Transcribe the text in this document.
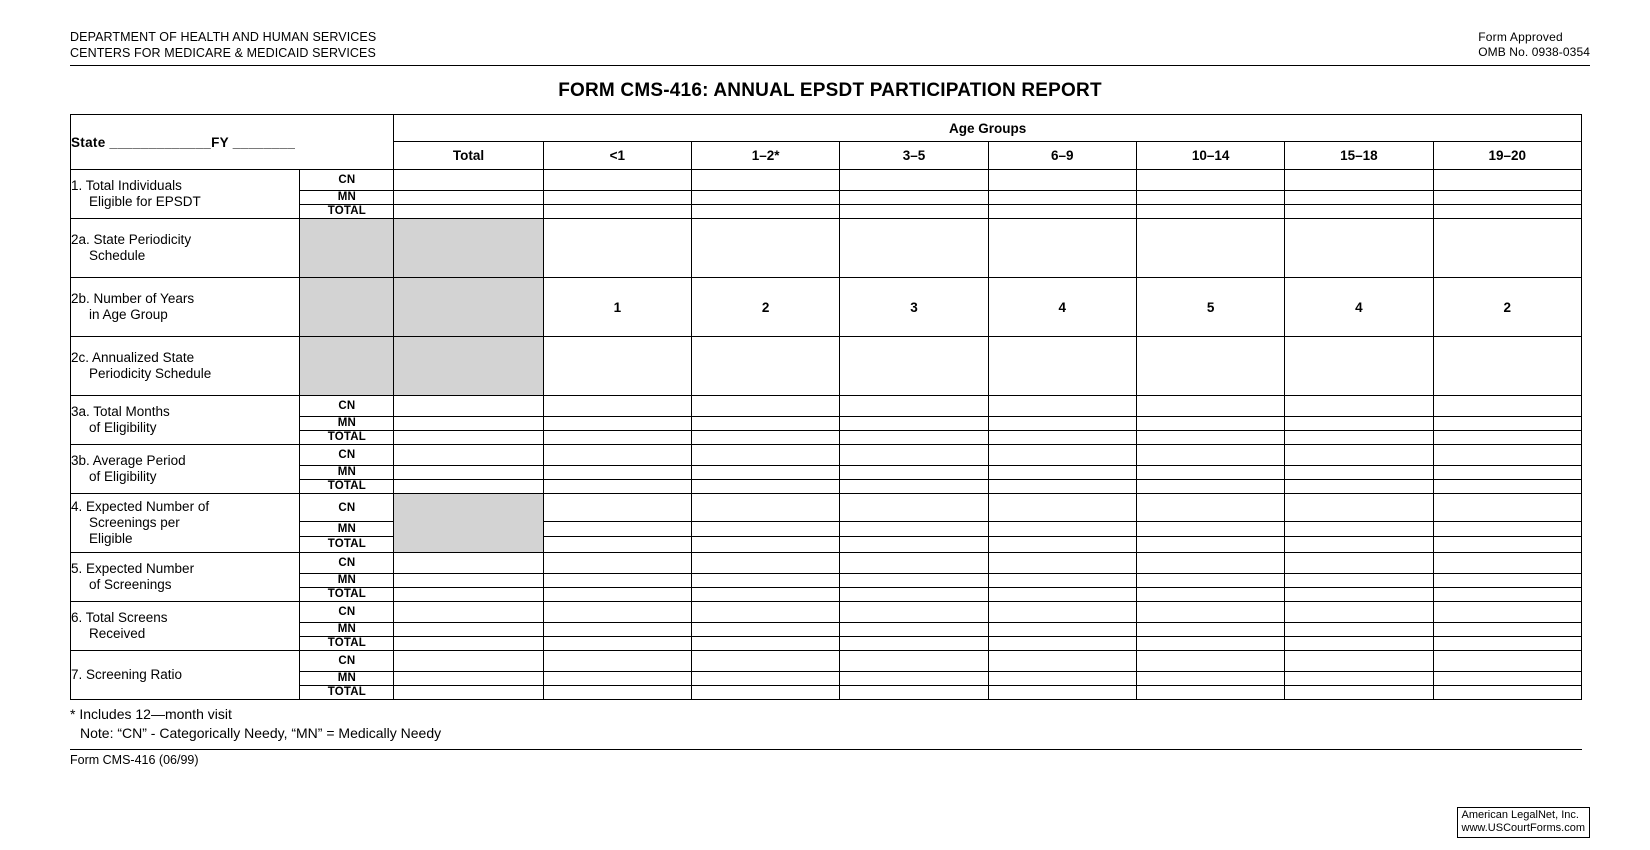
DEPARTMENT OF HEALTH AND HUMAN SERVICES
CENTERS FOR MEDICARE & MEDICAID SERVICES
Form Approved
OMB No. 0938-0354
FORM CMS-416: ANNUAL EPSDT PARTICIPATION REPORT
State _____________FY ________		Age Groups							
		Total	<1	1–2*	3–5	6–9	10–14	15–18	19–20

1. Total Individuals
Eligible for EPSDT

CN
MN
TOTAL

2a. State Periodicity
Schedule									

2b. Number of Years
in Age Group			1	2	3	4	5	4	2

2c. Annualized State
Periodicity Schedule									

3a. Total Months
of Eligibility

CN
MN
TOTAL

3b. Average Period
of Eligibility

CN
MN
TOTAL

4. Expected Number of
Screenings per
Eligible

CN
MN
TOTAL

5. Expected Number
of Screenings

CN
MN
TOTAL

6. Total Screens
Received

CN
MN
TOTAL

7. Screening Ratio	CN
MN
TOTAL								

* Includes 12—month visit
Note: “CN” - Categorically Needy, “MN” = Medically Needy
Form CMS-416 (06/99)
American LegalNet, Inc.
www.USCourtForms.com
